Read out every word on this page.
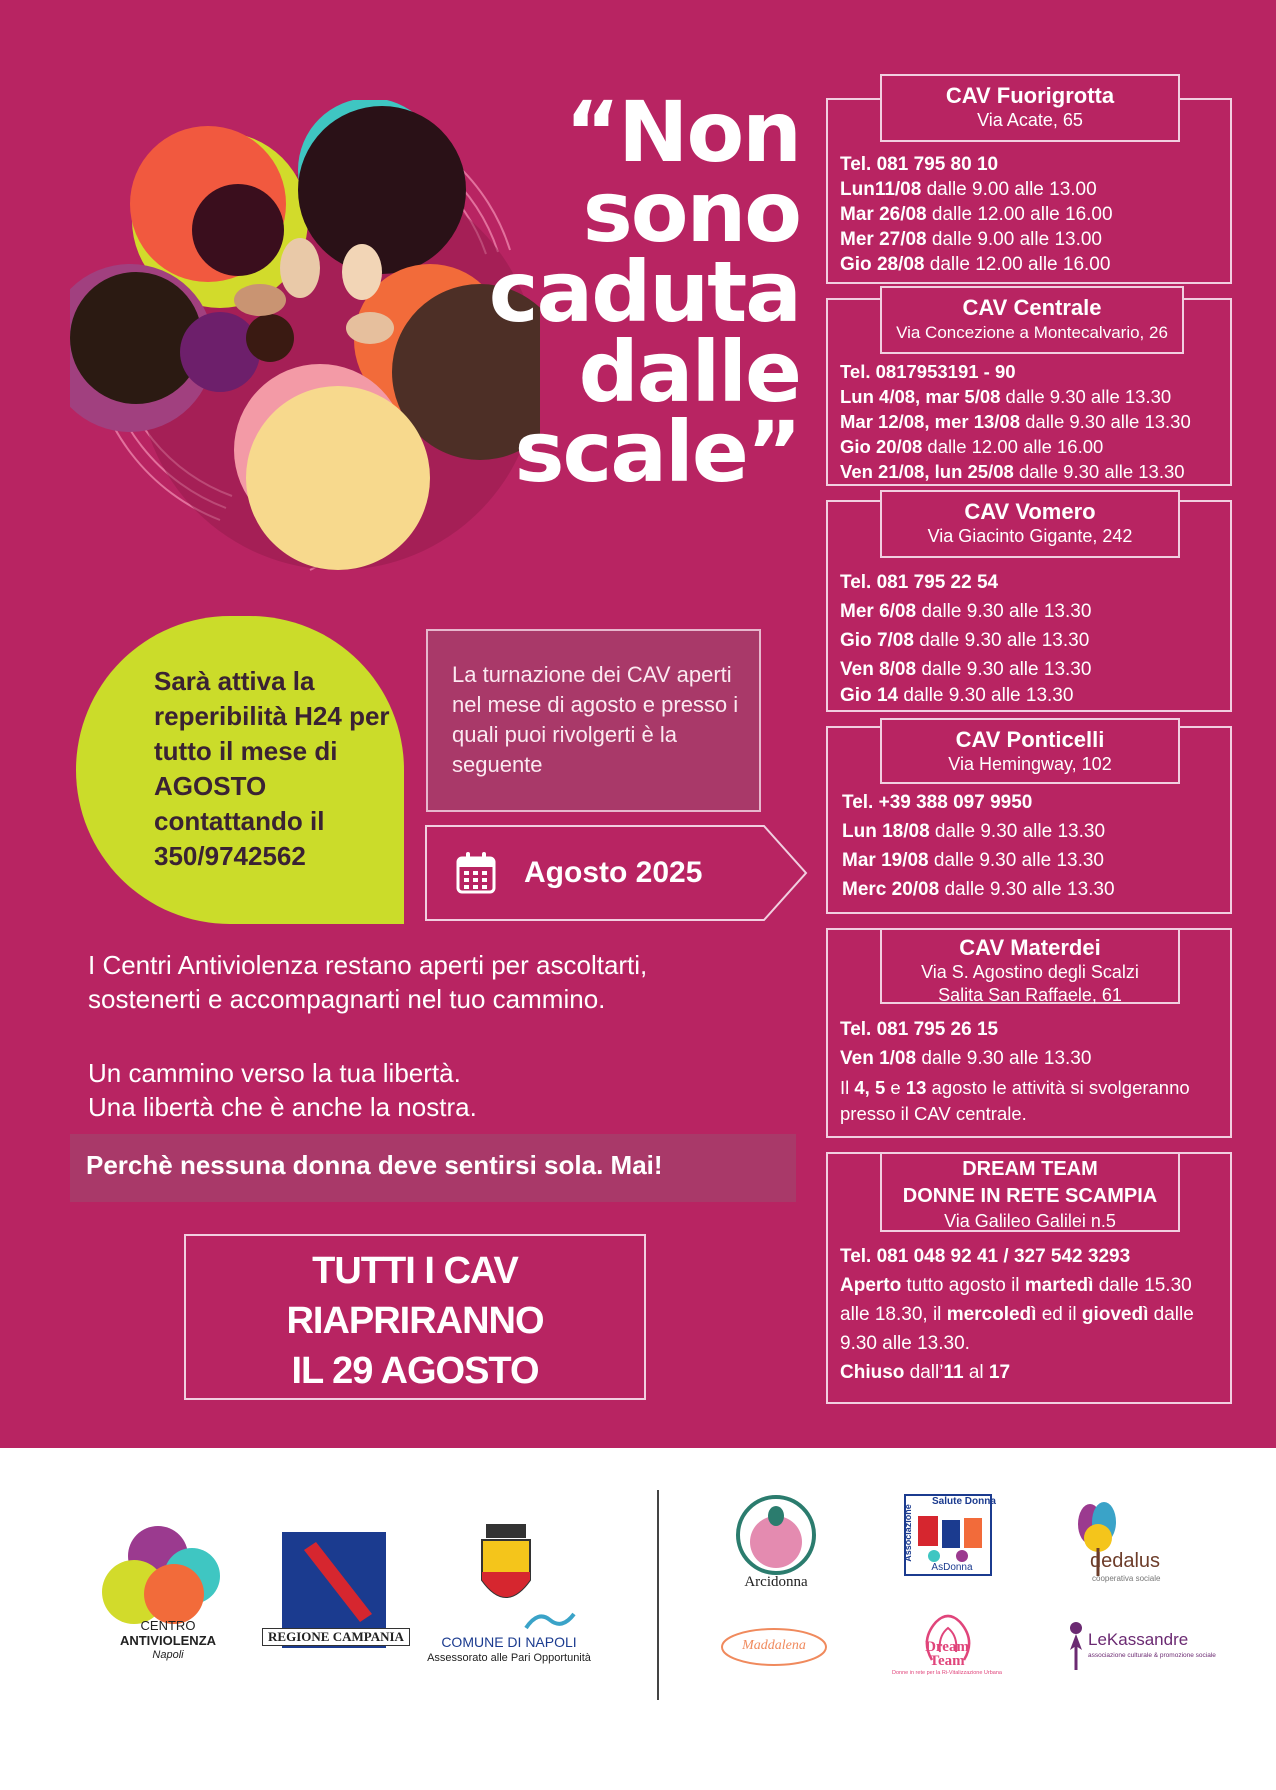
“Non
sono
caduta
dalle
scale”
CAV Fuorigrotta
Via Acate, 65
Tel. 081 795 80 10
Lun11/08 dalle 9.00 alle 13.00
Mar 26/08 dalle 12.00 alle 16.00
Mer 27/08 dalle 9.00 alle 13.00
Gio 28/08 dalle 12.00 alle 16.00
CAV Centrale
Via Concezione a Montecalvario, 26
Tel. 0817953191 - 90
Lun 4/08, mar 5/08 dalle 9.30 alle 13.30
Mar 12/08, mer 13/08 dalle 9.30 alle 13.30
Gio 20/08 dalle 12.00 alle 16.00
Ven 21/08, lun 25/08 dalle 9.30 alle 13.30
CAV Vomero
Via Giacinto Gigante, 242
Tel. 081 795 22 54
Mer 6/08 dalle 9.30 alle 13.30
Gio 7/08 dalle 9.30 alle 13.30
Ven 8/08 dalle 9.30 alle 13.30
Gio 14 dalle 9.30 alle 13.30
CAV Ponticelli
Via Hemingway, 102
Tel. +39 388 097 9950
Lun 18/08 dalle 9.30 alle 13.30
Mar 19/08 dalle 9.30 alle 13.30
Merc 20/08 dalle 9.30 alle 13.30
CAV Materdei
Via S. Agostino degli Scalzi
Salita San Raffaele, 61
Tel. 081 795 26 15
Ven 1/08 dalle 9.30 alle 13.30
Il 4, 5 e 13 agosto le attività si svolgeranno presso il CAV centrale.
DREAM TEAM
DONNE IN RETE SCAMPIA
Via Galileo Galilei n.5
Tel. 081 048 92 41 / 327 542 3293
Aperto tutto agosto il martedì dalle 15.30 alle 18.30, il mercoledì ed il giovedì dalle 9.30 alle 13.30.
Chiuso dall’11 al 17
Sarà attiva la reperibilità H24 per tutto il mese di AGOSTO contattando il 350/9742562
La turnazione dei CAV aperti nel mese di agosto e presso i quali puoi rivolgerti è la seguente
Agosto 2025
I Centri Antiviolenza restano aperti per ascoltarti,
sostenerti e accompagnarti nel tuo cammino.
Un cammino verso la tua libertà.
Una libertà che è anche la nostra.
Perchè nessuna donna deve sentirsi sola. Mai!
TUTTI I CAV
RIAPRIRANNO
IL 29 AGOSTO
CENTRO
ANTIVIOLENZA
Napoli
REGIONE CAMPANIA	COMUNE DI NAPOLI
Assessorato alle Pari Opportunità
Arcidonna
Salute Donna
Associazione
AsDonna	dedalus
cooperativa sociale
Maddalena	Dream
Team
Donne in rete per la Ri-Vitalizzazione Urbana
LeKassandre
associazione culturale & promozione sociale
